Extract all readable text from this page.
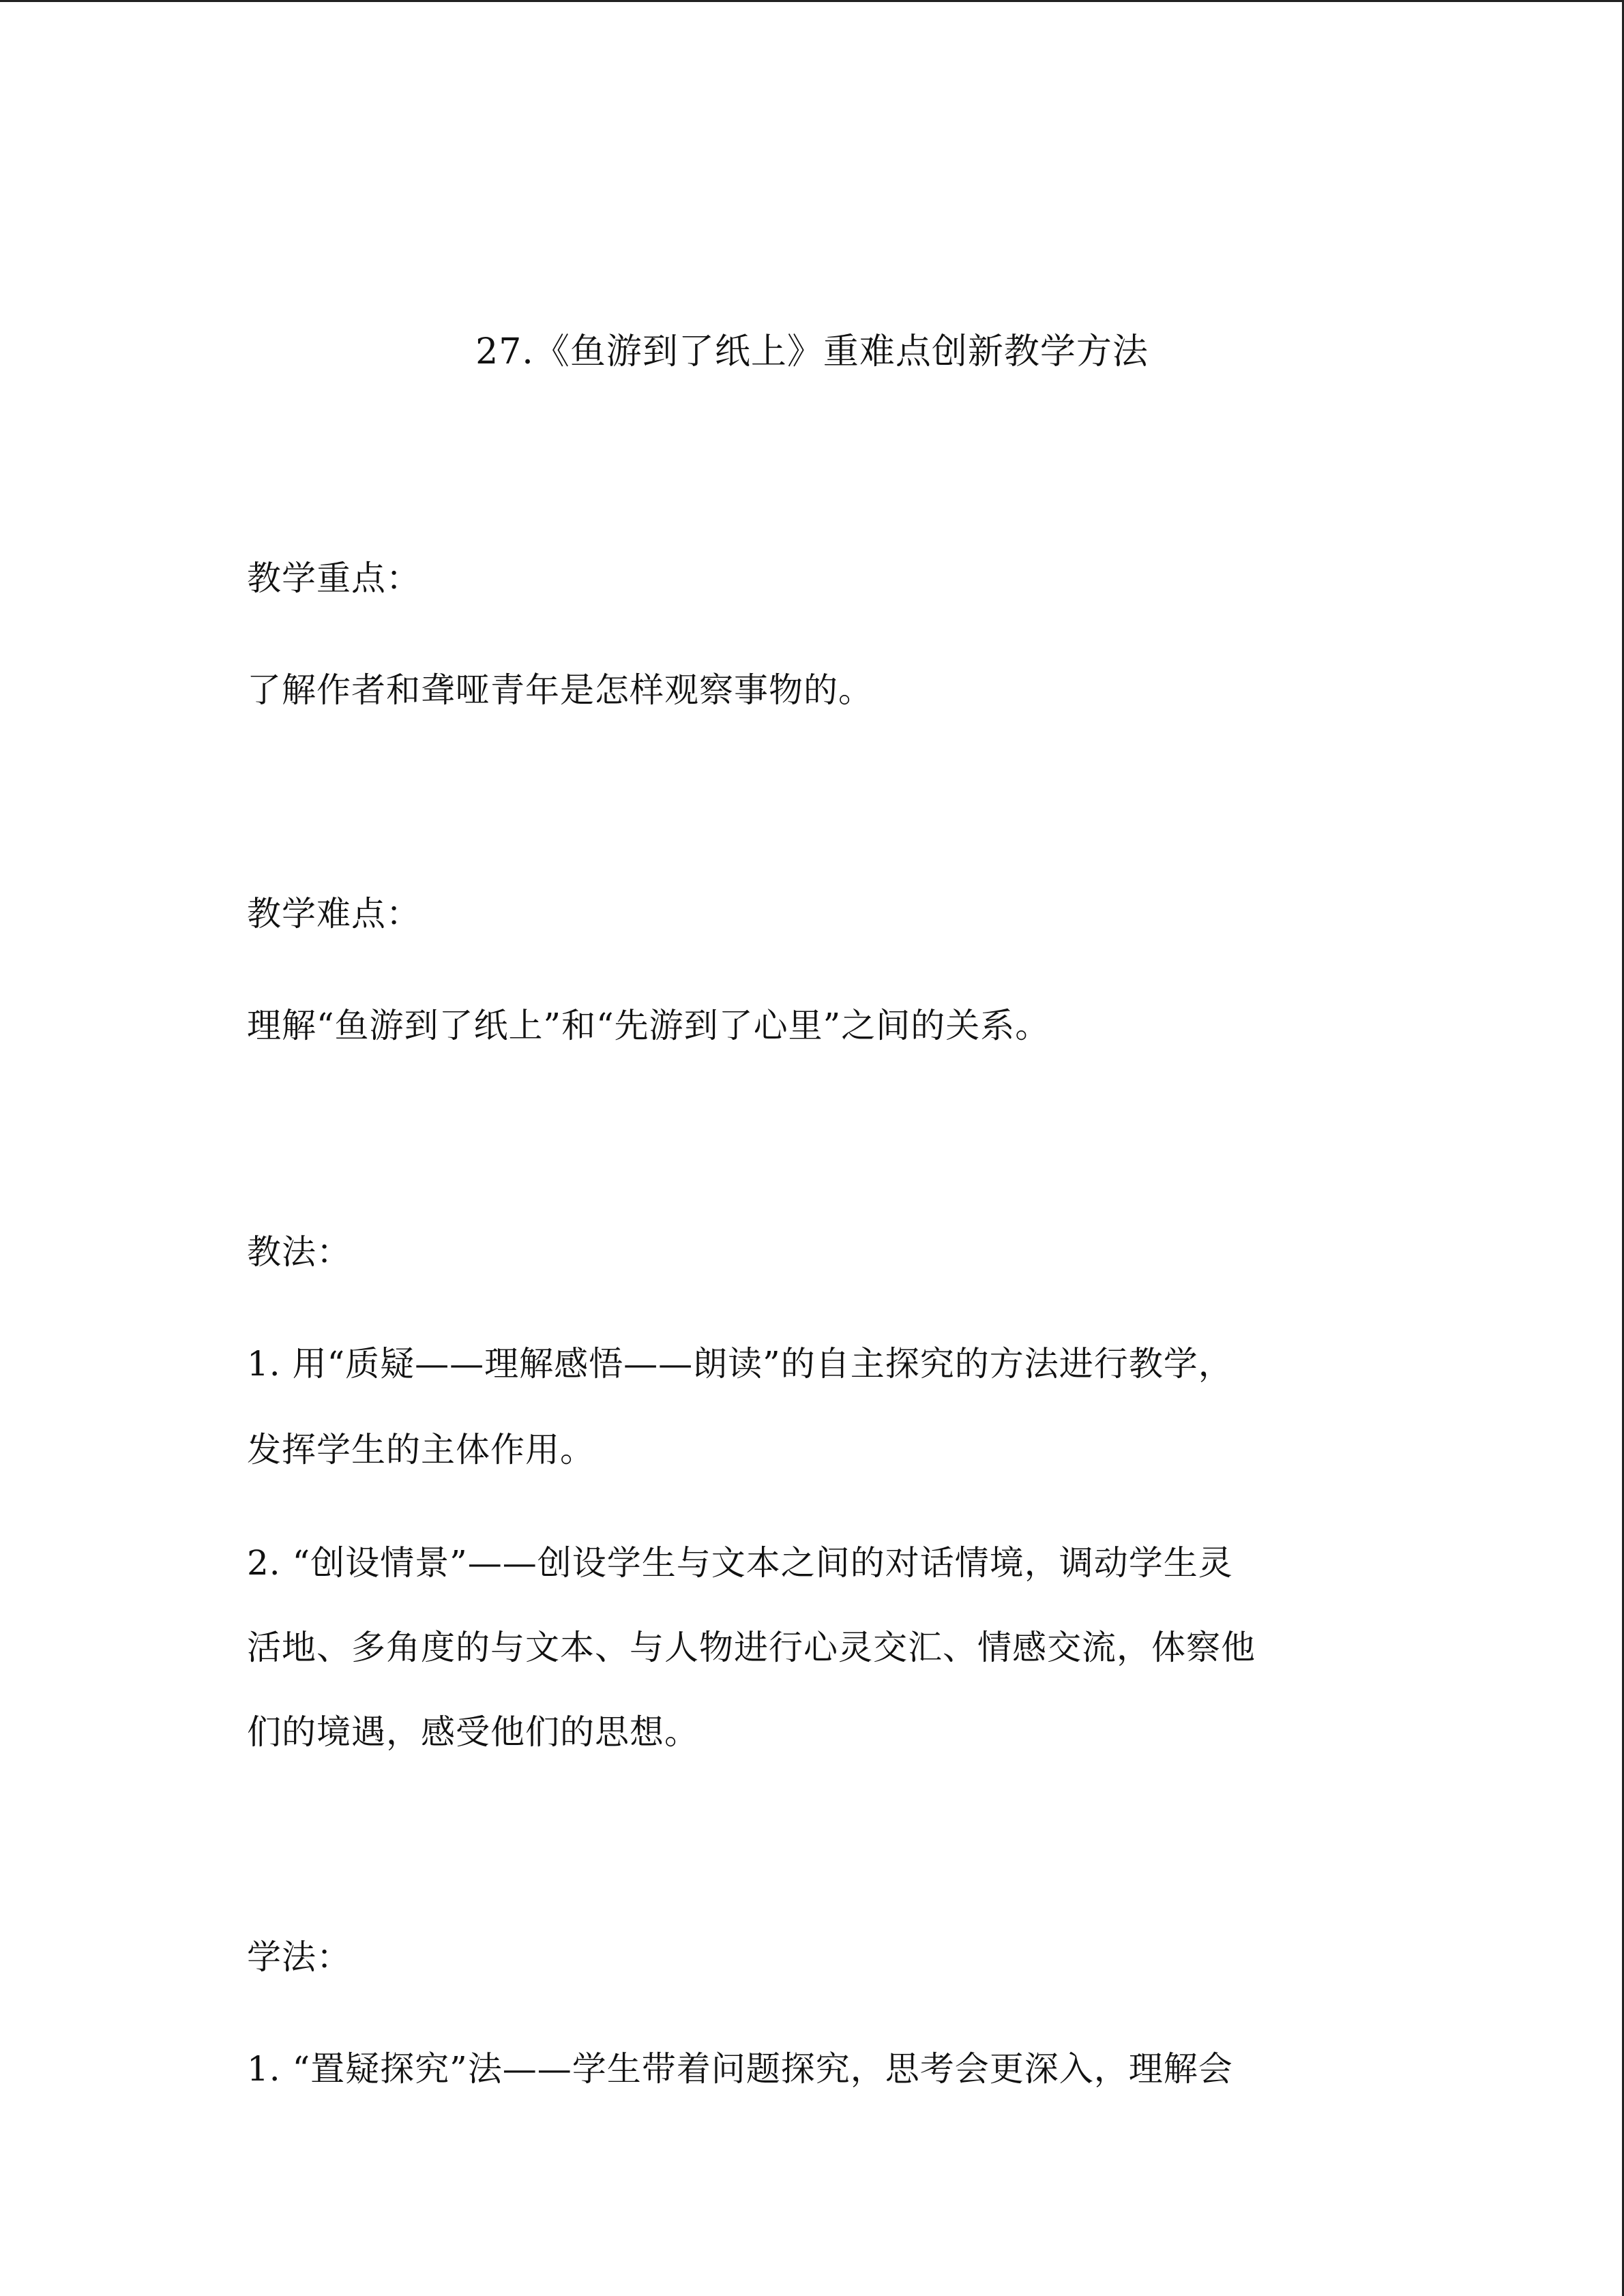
27.《鱼游到了纸上》重难点创新教学方法
教学重点：
了解作者和聋哑青年是怎样观察事物的。
教学难点：
理解“鱼游到了纸上”和“先游到了心里”之间的关系。
教法：
1. 用“质疑——理解感悟——朗读”的自主探究的方法进行教学，
发挥学生的主体作用。
2. “创设情景”——创设学生与文本之间的对话情境，调动学生灵
活地、多角度的与文本、与人物进行心灵交汇、情感交流，体察他
们的境遇，感受他们的思想。
学法：
1. “置疑探究”法——学生带着问题探究，思考会更深入，理解会
